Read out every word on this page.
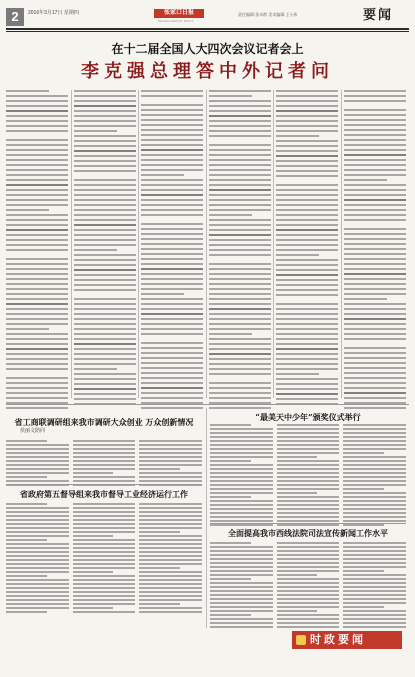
2	2016年3月17日 星期四	张家口日报
ZHANGJIAKOU DAILY
责任编辑:张卓群 美术编辑:王小伟	要闻
在十二届全国人大四次会议记者会上
李克强总理答中外记者问
省工商联调研组来我市调研大众创业 万众创新情况
侯丽文陪同
省政府第五督导组来我市督导工业经济运行工作
“最美天中少年”颁奖仪式举行
全面提高我市西线法院司法宣传新闻工作水平
时政要闻
